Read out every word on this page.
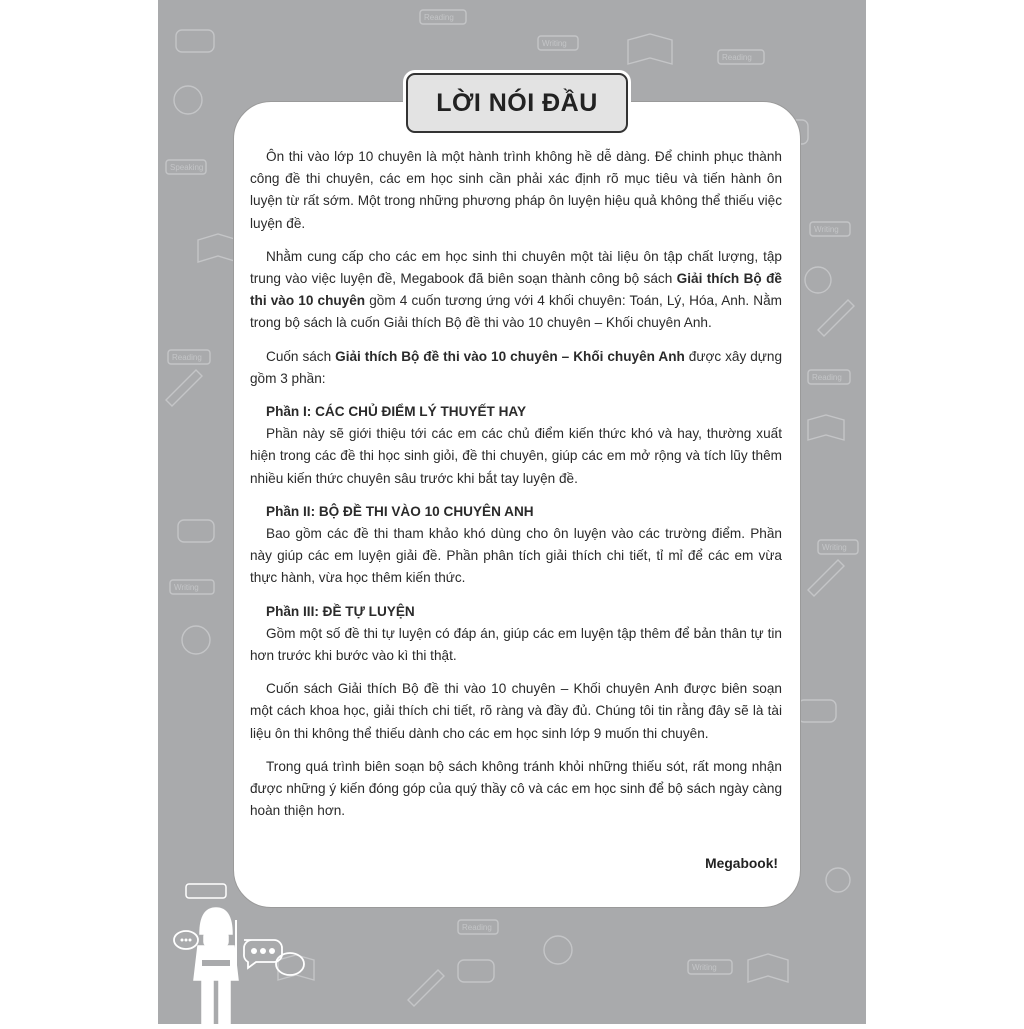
Reading
Writing
Reading
Speaking
Writing
Reading
Reading
Writing
Writing
Writing
Reading
LỜI NÓI ĐẦU

Ôn thi vào lớp 10 chuyên là một hành trình không hề dễ dàng. Để chinh phục thành công đề thi chuyên, các em học sinh cần phải xác định rõ mục tiêu và tiến hành ôn luyện từ rất sớm. Một trong những phương pháp ôn luyện hiệu quả không thể thiếu việc luyện đề.

Nhằm cung cấp cho các em học sinh thi chuyên một tài liệu ôn tập chất lượng, tập trung vào việc luyện đề, Megabook đã biên soạn thành công bộ sách Giải thích Bộ đề thi vào 10 chuyên gồm 4 cuốn tương ứng với 4 khối chuyên: Toán, Lý, Hóa, Anh. Nằm trong bộ sách là cuốn Giải thích Bộ đề thi vào 10 chuyên – Khối chuyên Anh.

Cuốn sách Giải thích Bộ đề thi vào 10 chuyên – Khối chuyên Anh được xây dựng gồm 3 phần:

Phần I: CÁC CHỦ ĐIỂM LÝ THUYẾT HAY

Phần này sẽ giới thiệu tới các em các chủ điểm kiến thức khó và hay, thường xuất hiện trong các đề thi học sinh giỏi, đề thi chuyên, giúp các em mở rộng và tích lũy thêm nhiều kiến thức chuyên sâu trước khi bắt tay luyện đề.

Phần II: BỘ ĐỀ THI VÀO 10 CHUYÊN ANH

Bao gồm các đề thi tham khảo khó dùng cho ôn luyện vào các trường điểm. Phần này giúp các em luyện giải đề. Phần phân tích giải thích chi tiết, tỉ mỉ để các em vừa thực hành, vừa học thêm kiến thức.

Phần III: ĐỀ TỰ LUYỆN

Gồm một số đề thi tự luyện có đáp án, giúp các em luyện tập thêm để bản thân tự tin hơn trước khi bước vào kì thi thật.

Cuốn sách Giải thích Bộ đề thi vào 10 chuyên – Khối chuyên Anh được biên soạn một cách khoa học, giải thích chi tiết, rõ ràng và đầy đủ. Chúng tôi tin rằng đây sẽ là tài liệu ôn thi không thể thiếu dành cho các em học sinh lớp 9 muốn thi chuyên.

Trong quá trình biên soạn bộ sách không tránh khỏi những thiếu sót, rất mong nhận được những ý kiến đóng góp của quý thầy cô và các em học sinh để bộ sách ngày càng hoàn thiện hơn.

Megabook!
